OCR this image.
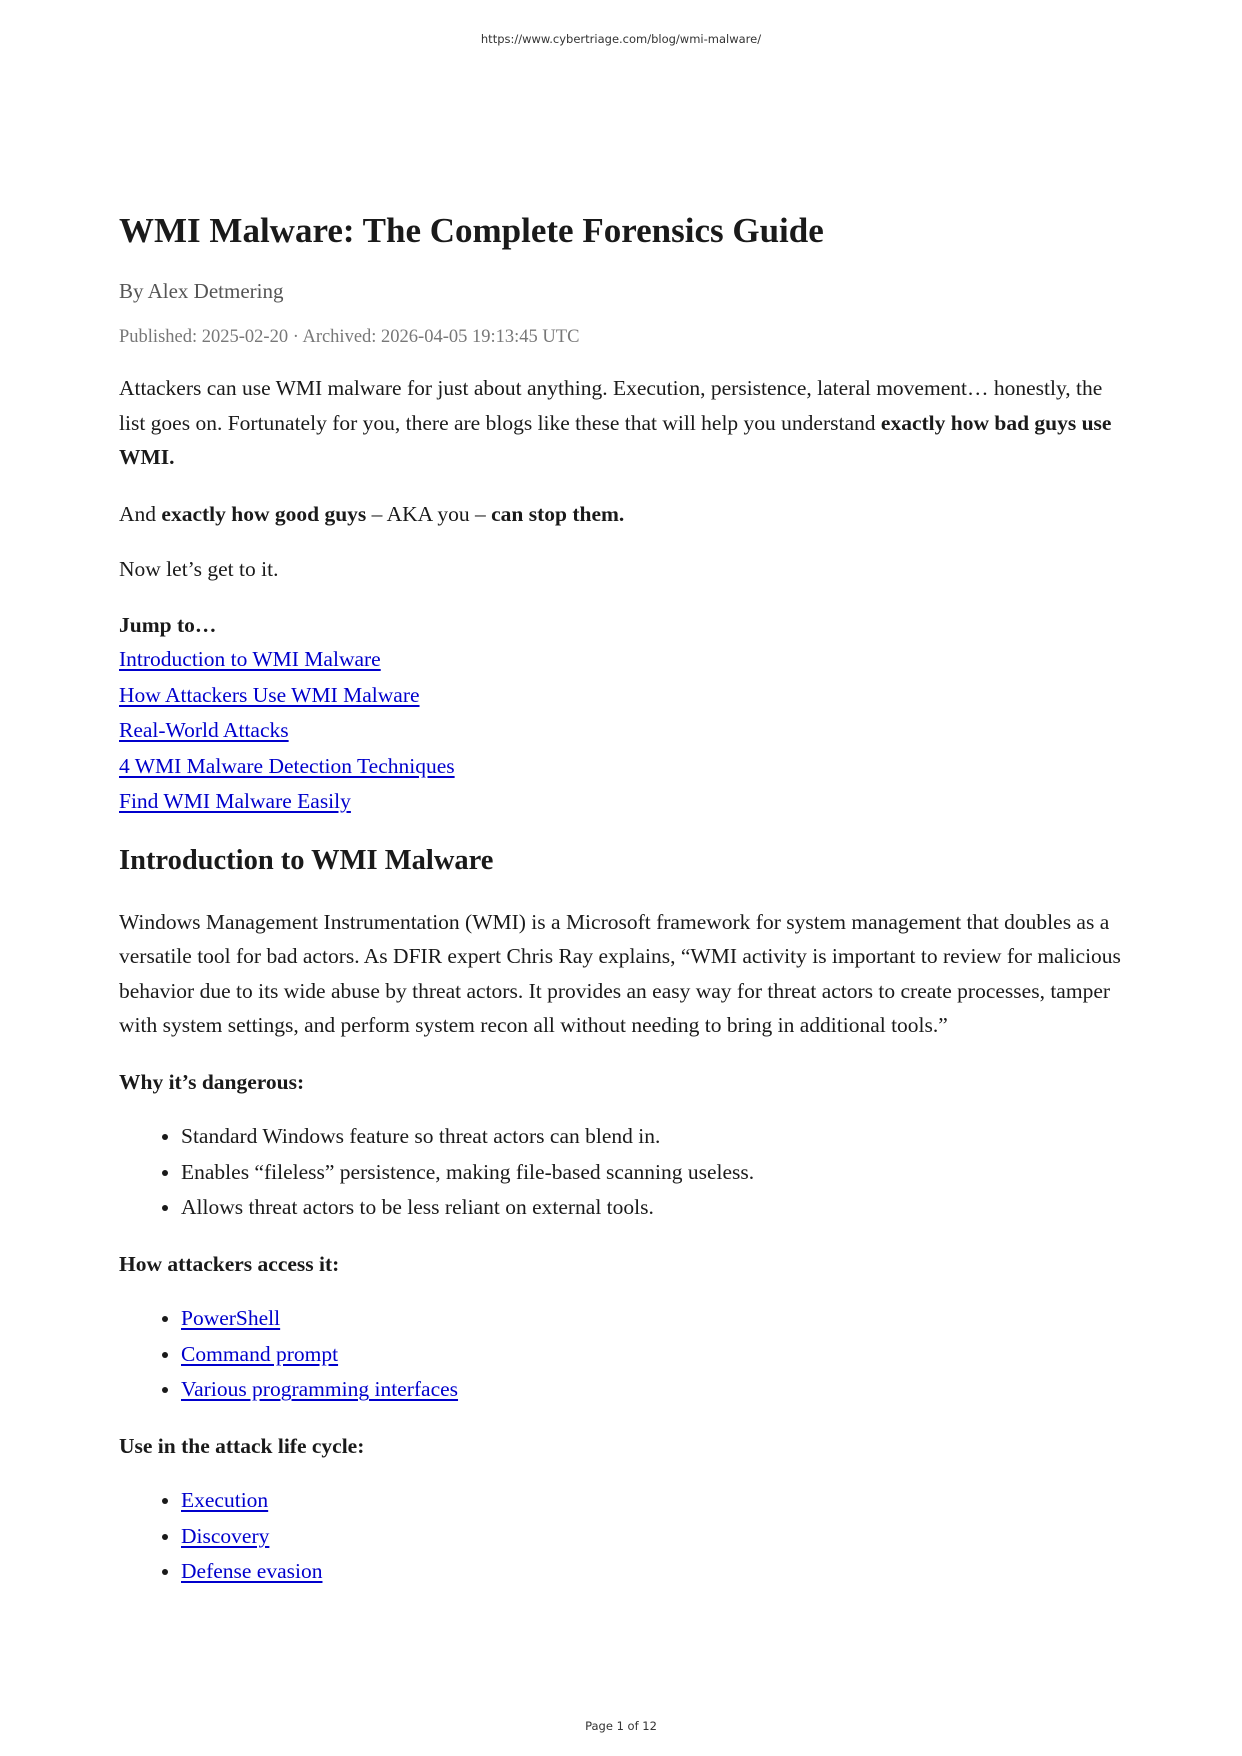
https://www.cybertriage.com/blog/wmi-malware/
WMI Malware: The Complete Forensics Guide
By Alex Detmering
Published: 2025-02-20 · Archived: 2026-04-05 19:13:45 UTC

Attackers can use WMI malware for just about anything. Execution, persistence, lateral movement… honestly, the list goes on. Fortunately for you, there are blogs like these that will help you understand exactly how bad guys use WMI.

And exactly how good guys – AKA you – can stop them.

Now let’s get to it.

Jump to…
Introduction to WMI Malware
How Attackers Use WMI Malware
Real-World Attacks
4 WMI Malware Detection Techniques
Find WMI Malware Easily
Introduction to WMI Malware

Windows Management Instrumentation (WMI) is a Microsoft framework for system management that doubles as a versatile tool for bad actors. As DFIR expert Chris Ray explains, “WMI activity is important to review for malicious behavior due to its wide abuse by threat actors. It provides an easy way for threat actors to create processes, tamper with system settings, and perform system recon all without needing to bring in additional tools.”

Why it’s dangerous:

• Standard Windows feature so threat actors can blend in.
• Enables “fileless” persistence, making file-based scanning useless.
• Allows threat actors to be less reliant on external tools.

How attackers access it:

• PowerShell
• Command prompt
• Various programming interfaces

Use in the attack life cycle:

• Execution
• Discovery
• Defense evasion
Page 1 of 12
